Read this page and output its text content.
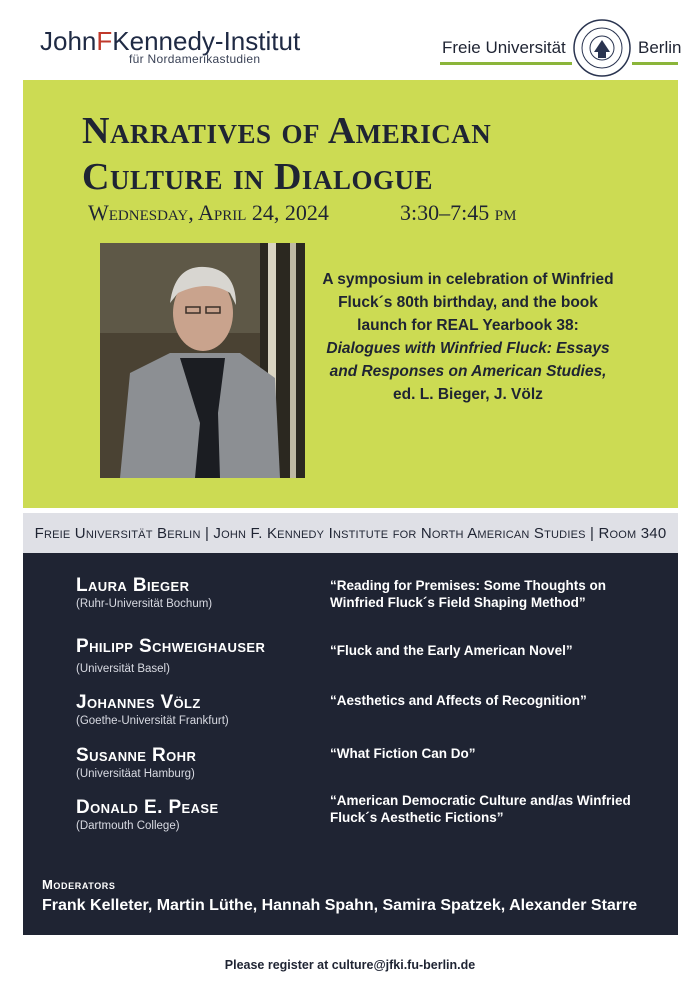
JohnFKennedy-Institut
für Nordamerikastudien
Freie Universität	Berlin
Narratives of American Culture in Dialogue
Wednesday, April 24, 2024	3:30–7:45 pm
A symposium in celebration of Winfried Fluck´s 80th birthday, and the book launch for REAL Yearbook 38: Dialogues with Winfried Fluck: Essays and Responses on American Studies,
ed. L. Bieger, J. Völz
Freie Universität Berlin | John F. Kennedy Institute for North American Studies | Room 340
Laura Bieger
(Ruhr-Universität Bochum)
“Reading for Premises: Some Thoughts on Winfried Fluck´s Field Shaping Method”
Philipp Schweighauser
(Universität Basel)
“Fluck and the Early American Novel”
Johannes Völz
(Goethe-Universität Frankfurt)
“Aesthetics and Affects of Recognition”
Susanne Rohr
(Universitäat Hamburg)
“What Fiction Can Do”
Donald E. Pease
(Dartmouth College)
“American Democratic Culture and/as Winfried Fluck´s Aesthetic Fictions”
Moderators
Frank Kelleter, Martin Lüthe, Hannah Spahn, Samira Spatzek, Alexander Starre
Please register at culture@jfki.fu-berlin.de
